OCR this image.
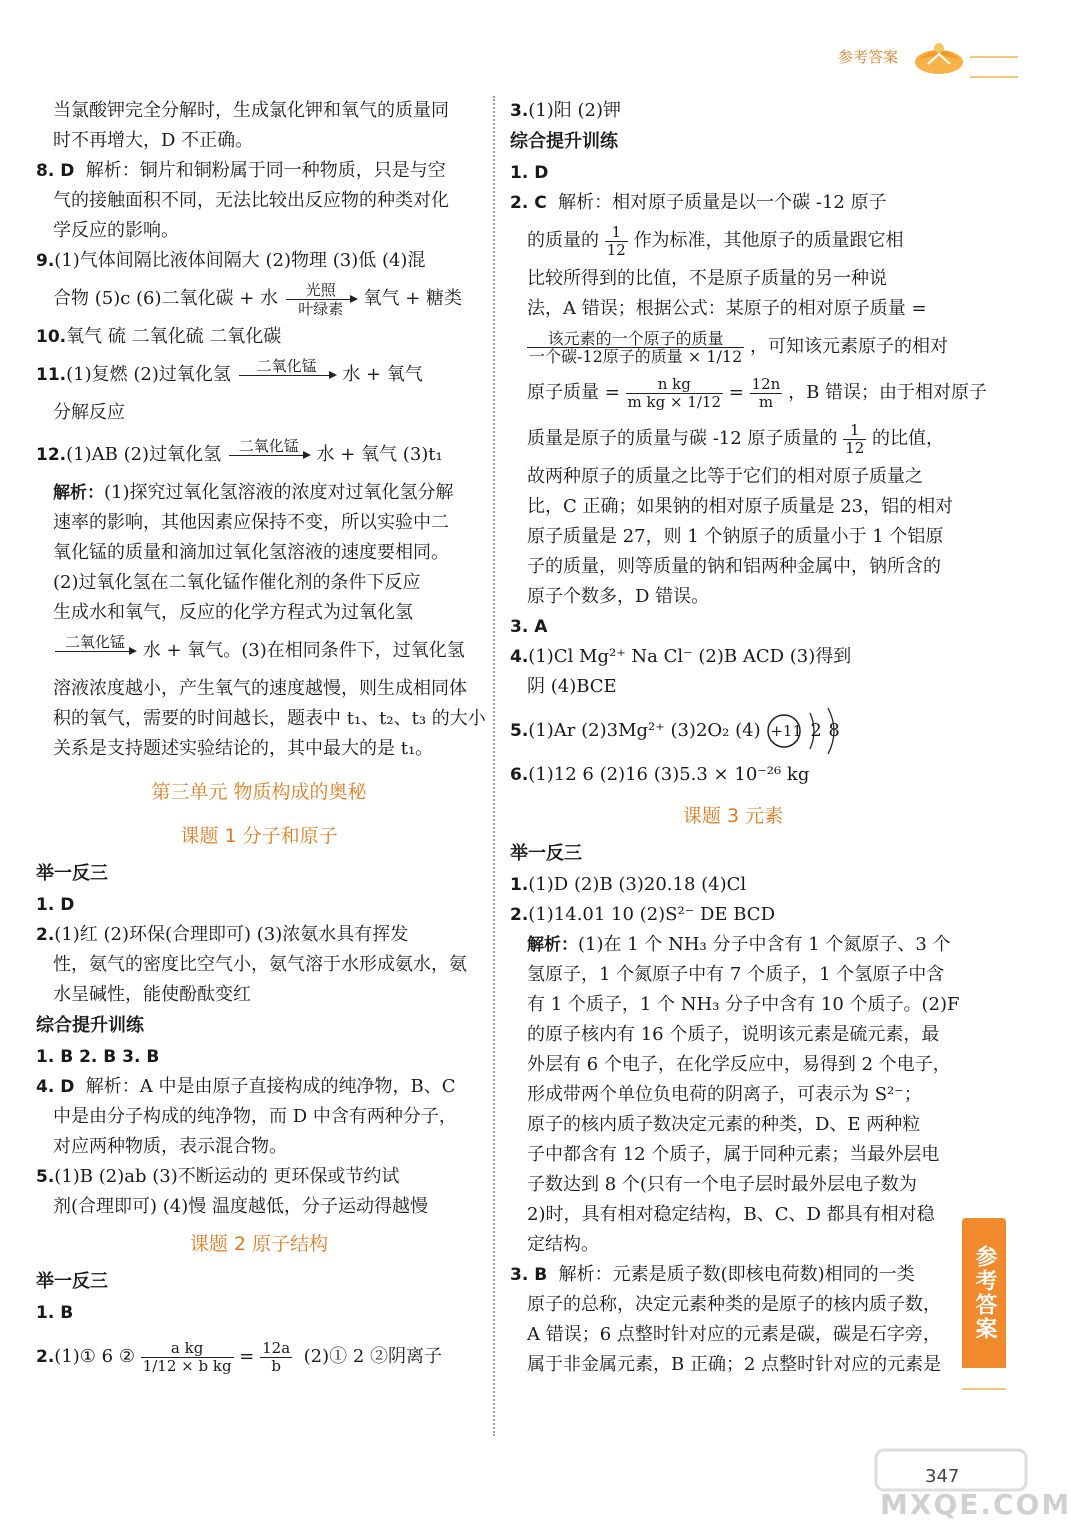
参考答案
当氯酸钾完全分解时，生成氯化钾和氧气的质量同
时不再增大，D 不正确。
8. D 解析：铜片和铜粉属于同一种物质，只是与空
气的接触面积不同，无法比较出反应物的种类对化
学反应的影响。
9.(1)气体间隔比液体间隔大 (2)物理 (3)低 (4)混
合物 (5)c (6)二氧化碳 + 水	光照
叶绿素	氧气 + 糖类
10.氧气 硫 二氧化硫 二氧化碳
11.(1)复燃 (2)过氧化氢	二氧化锰
	水 + 氧气
分解反应
12.(1)AB (2)过氧化氢	二氧化锰
水 + 氧气 (3)t₁
解析：(1)探究过氧化氢溶液的浓度对过氧化氢分解
速率的影响，其他因素应保持不变，所以实验中二
氧化锰的质量和滴加过氧化氢溶液的速度要相同。
(2)过氧化氢在二氧化锰作催化剂的条件下反应
生成水和氧气，反应的化学方程式为过氧化氢
二氧化锰
水 + 氧气。(3)在相同条件下，过氧化氢
溶液浓度越小，产生氧气的速度越慢，则生成相同体
积的氧气，需要的时间越长，题表中 t₁、t₂、t₃ 的大小
关系是支持题述实验结论的，其中最大的是 t₁。
第三单元 物质构成的奥秘
课题 1 分子和原子
举一反三
1. D
2.(1)红 (2)环保(合理即可) (3)浓氨水具有挥发
性，氨气的密度比空气小，氨气溶于水形成氨水，氨
水呈碱性，能使酚酞变红
综合提升训练
1. B 2. B 3. B
4. D 解析：A 中是由原子直接构成的纯净物，B、C
中是由分子构成的纯净物，而 D 中含有两种分子，
对应两种物质，表示混合物。
5.(1)B (2)ab (3)不断运动的 更环保或节约试
剂(合理即可) (4)慢 温度越低，分子运动得越慢
课题 2 原子结构
举一反三
1. B
2.(1)① 6 ② $\frac{\text{a kg}}{\text{1/12 × b kg}} = \frac{12a}{b}$ (2)① 2 ②阴离子
3.(1)阳 (2)钾
综合提升训练
1. D
2. C 解析：相对原子质量是以一个碳 -12 原子
的质量的 $\frac{1}{12}$ 作为标准，其他原子的质量跟它相
比较所得到的比值，不是原子质量的另一种说
法，A 错误；根据公式：某原子的相对原子质量 =
$\frac{\text{该元素的一个原子的质量}}{\text{一个碳-12原子的质量 × 1/12}}$ ，可知该元素原子的相对
原子质量 = $\frac{\text{n kg}}{\text{m kg × 1/12}} = \frac{12n}{m}$ ，B 错误；由于相对原子
质量是原子的质量与碳 -12 原子质量的 $\frac{1}{12}$ 的比值，
故两种原子的质量之比等于它们的相对原子质量之
比，C 正确；如果钠的相对原子质量是 23，铝的相对
原子质量是 27，则 1 个钠原子的质量小于 1 个铝原
子的质量，则等质量的钠和铝两种金属中，钠所含的
原子个数多，D 错误。
3. A
4.(1)Cl Mg²⁺ Na Cl⁻ (2)B ACD (3)得到
阴 (4)BCE
5.(1)Ar (2)3Mg²⁺ (3)2O₂ (4) +11 2 8
6.(1)12 6 (2)16 (3)5.3 × 10⁻²⁶ kg
课题 3 元素
举一反三
1.(1)D (2)B (3)20.18 (4)Cl
2.(1)14.01 10 (2)S²⁻ DE BCD
解析：(1)在 1 个 NH₃ 分子中含有 1 个氮原子、3 个
氢原子，1 个氮原子中有 7 个质子，1 个氢原子中含
有 1 个质子，1 个 NH₃ 分子中含有 10 个质子。(2)F
的原子核内有 16 个质子，说明该元素是硫元素，最
外层有 6 个电子，在化学反应中，易得到 2 个电子，
形成带两个单位负电荷的阴离子，可表示为 S²⁻；
原子的核内质子数决定元素的种类，D、E 两种粒
子中都含有 12 个质子，属于同种元素；当最外层电
子数达到 8 个(只有一个电子层时最外层电子数为
2)时，具有相对稳定结构，B、C、D 都具有相对稳
定结构。
3. B 解析：元素是质子数(即核电荷数)相同的一类
原子的总称，决定元素种类的是原子的核内质子数，
A 错误；6 点整时针对应的元素是碳，碳是石字旁，
属于非金属元素，B 正确；2 点整时针对应的元素是
参考答案
347
MXQE.COM
